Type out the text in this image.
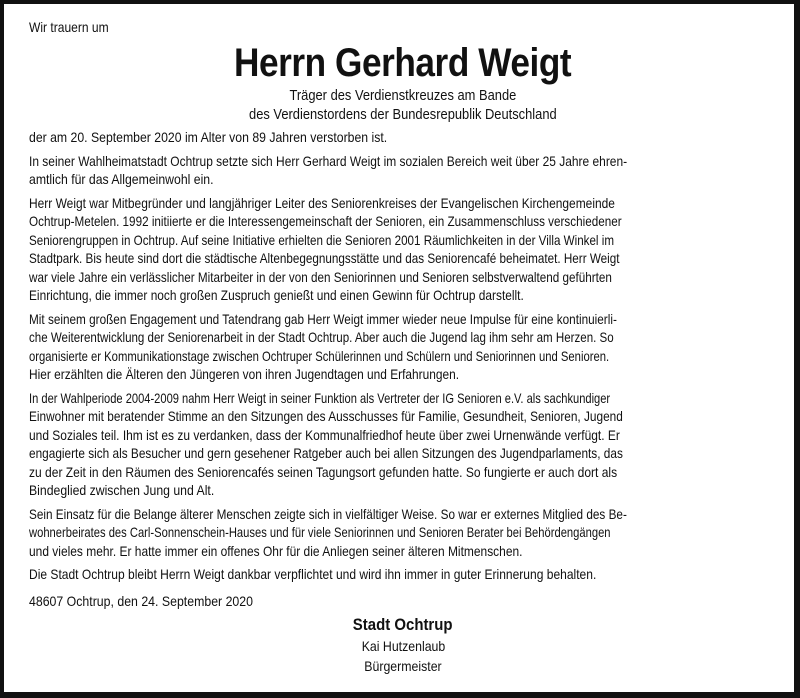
Wir trauern um
Herrn Gerhard Weigt
Träger des Verdienstkreuzes am Bande
des Verdienstordens der Bundesrepublik Deutschland
der am 20. September 2020 im Alter von 89 Jahren verstorben ist.
In seiner Wahlheimatstadt Ochtrup setzte sich Herr Gerhard Weigt im sozialen Bereich weit über 25 Jahre ehren-
amtlich für das Allgemeinwohl ein.
Herr Weigt war Mitbegründer und langjähriger Leiter des Seniorenkreises der Evangelischen Kirchengemeinde
Ochtrup-Metelen. 1992 initiierte er die Interessengemeinschaft der Senioren, ein Zusammenschluss verschiedener
Seniorengruppen in Ochtrup. Auf seine Initiative erhielten die Senioren 2001 Räumlichkeiten in der Villa Winkel im
Stadtpark. Bis heute sind dort die städtische Altenbegegnungsstätte und das Seniorencafé beheimatet. Herr Weigt
war viele Jahre ein verlässlicher Mitarbeiter in der von den Seniorinnen und Senioren selbstverwaltend geführten
Einrichtung, die immer noch großen Zuspruch genießt und einen Gewinn für Ochtrup darstellt.
Mit seinem großen Engagement und Tatendrang gab Herr Weigt immer wieder neue Impulse für eine kontinuierli-
che Weiterentwicklung der Seniorenarbeit in der Stadt Ochtrup. Aber auch die Jugend lag ihm sehr am Herzen. So
organisierte er Kommunikationstage zwischen Ochtruper Schülerinnen und Schülern und Seniorinnen und Senioren.
Hier erzählten die Älteren den Jüngeren von ihren Jugendtagen und Erfahrungen.
In der Wahlperiode 2004-2009 nahm Herr Weigt in seiner Funktion als Vertreter der IG Senioren e.V. als sachkundiger
Einwohner mit beratender Stimme an den Sitzungen des Ausschusses für Familie, Gesundheit, Senioren, Jugend
und Soziales teil. Ihm ist es zu verdanken, dass der Kommunalfriedhof heute über zwei Urnenwände verfügt. Er
engagierte sich als Besucher und gern gesehener Ratgeber auch bei allen Sitzungen des Jugendparlaments, das
zu der Zeit in den Räumen des Seniorencafés seinen Tagungsort gefunden hatte. So fungierte er auch dort als
Bindeglied zwischen Jung und Alt.
Sein Einsatz für die Belange älterer Menschen zeigte sich in vielfältiger Weise. So war er externes Mitglied des Be-
wohnerbeirates des Carl-Sonnenschein-Hauses und für viele Seniorinnen und Senioren Berater bei Behördengängen
und vieles mehr. Er hatte immer ein offenes Ohr für die Anliegen seiner älteren Mitmenschen.
Die Stadt Ochtrup bleibt Herrn Weigt dankbar verpflichtet und wird ihn immer in guter Erinnerung behalten.
48607 Ochtrup, den 24. September 2020
Stadt Ochtrup
Kai Hutzenlaub
Bürgermeister
